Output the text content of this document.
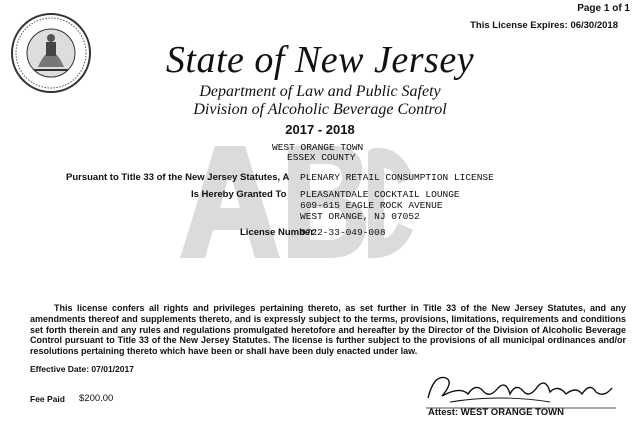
Page 1 of 1
This License Expires: 06/30/2018
State of New Jersey
Department of Law and Public Safety
Division of Alcoholic Beverage Control
2017 - 2018
WEST ORANGE TOWN
ESSEX COUNTY
Pursuant to Title 33 of the New Jersey Statutes, A PLENARY RETAIL CONSUMPTION LICENSE
Is Hereby Granted To PLEASANTDALE COCKTAIL LOUNGE
609-615 EAGLE ROCK AVENUE
WEST ORANGE, NJ 07052
License Number:
0722-33-049-008
This license confers all rights and privileges pertaining thereto, as set further in Title 33 of the New Jersey Statutes, and any amendments thereof and supplements thereto, and is expressly subject to the terms, provisions, limitations, requirements and conditions set forth therein and any rules and regulations promulgated heretofore and hereafter by the Director of the Division of Alcoholic Beverage Control pursuant to Title 33 of the New Jersey Statutes. The license is further subject to the provisions of all municipal ordinances and/or resolutions pertaining thereto which have been or shall have been duly enacted under law.
Effective Date: 07/01/2017
Fee Paid $200.00
Attest: WEST ORANGE TOWN
